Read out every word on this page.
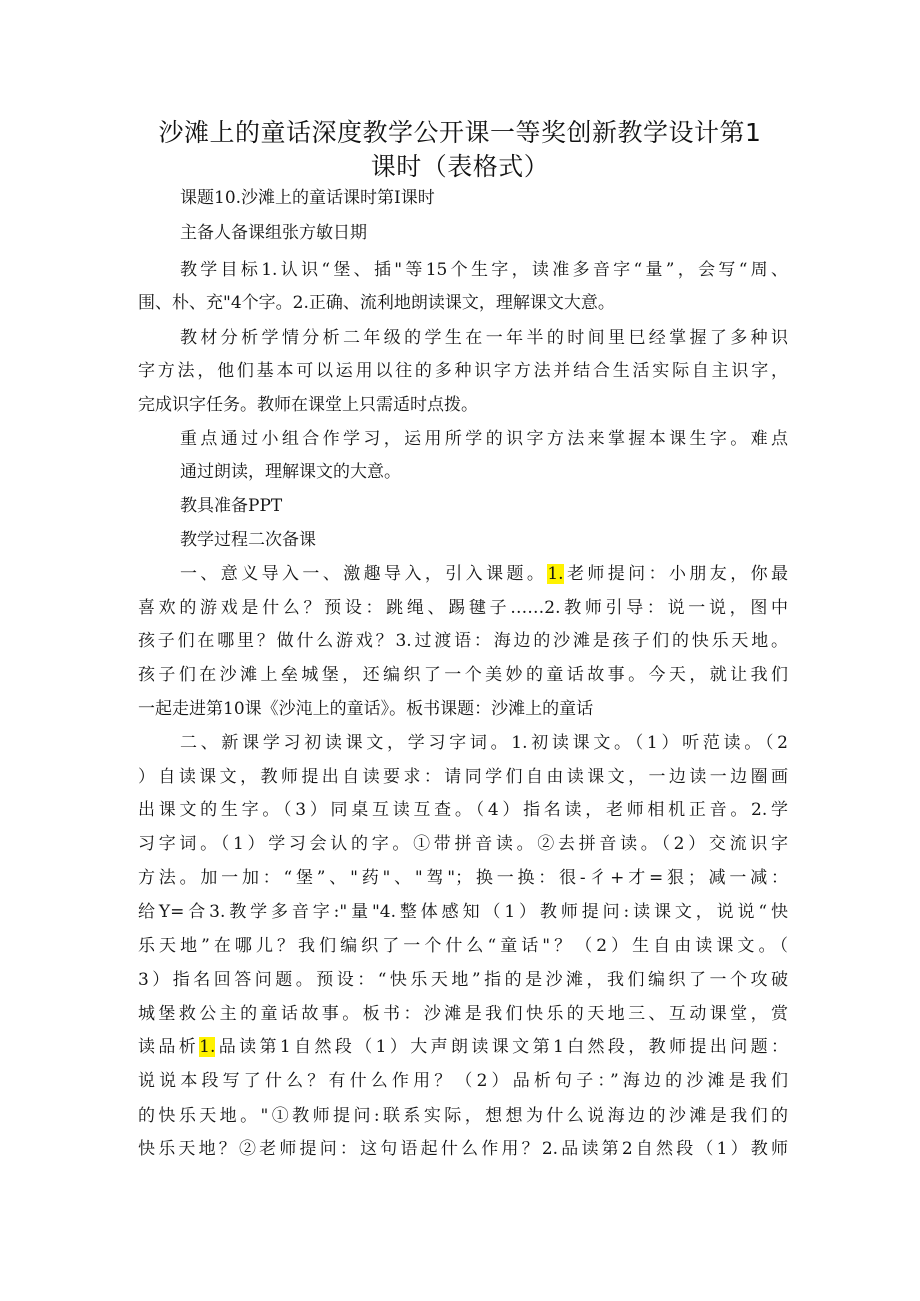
沙滩上的童话深度教学公开课一等奖创新教学设计第1
课时（表格式）
课题10.沙滩上的童话课时第I课时
主备人备课组张方敏日期
教学目标1.认识“堡、插"等15个生字，读准多音字“量”，会写“周、
围、朴、充"4个字。2.正确、流利地朗读课文，理解课文大意。
教材分析学情分析二年级的学生在一年半的时间里巳经掌握了多种识
字方法，他们基本可以运用以往的多种识字方法并结合生活实际自主识字，
完成识字任务。教师在课堂上只需适时点拨。
重点通过小组合作学习，运用所学的识字方法来掌握本课生字。难点
通过朗读，理解课文的大意。
教具准备PPT
教学过程二次备课
一、意义导入一、激趣导入，引入课题。1.老师提问：小朋友，你最
喜欢的游戏是什么？预设：跳绳、踢毽子……2.教师引导：说一说，图中
孩子们在哪里？做什么游戏？3.过渡语：海边的沙滩是孩子们的快乐天地。
孩子们在沙滩上垒城堡，还编织了一个美妙的童话故事。今天，就让我们
一起走进第10课《沙沌上的童话》。板书课题：沙滩上的童话
二、新课学习初读课文，学习字词。1.初读课文。（1）听范读。（2
）自读课文，教师提出自读要求：请同学们自由读课文，一边读一边圈画
出课文的生字。（3）同桌互读互查。（4）指名读，老师相机正音。2.学
习字词。（1）学习会认的字。①带拼音读。②去拼音读。（2）交流识字
方法。加一加：“堡”、"药"、"驾"；换一换：很-彳+才=狠；减一减：
给Y=合3.教学多音字:"量"4.整体感知（1）教师提问:读课文，说说“快
乐天地”在哪儿？我们编织了一个什么“童话"？（2）生自由读课文。（
3）指名回答问题。预设：“快乐天地”指的是沙滩，我们编织了一个攻破
城堡救公主的童话故事。板书：沙滩是我们快乐的天地三、互动课堂，赏
读品析1.品读第1自然段（1）大声朗读课文第1白然段，教师提出问题：
说说本段写了什么？有什么作用？（2）品析句子：”海边的沙滩是我们
的快乐天地。"①教师提问:联系实际，想想为什么说海边的沙滩是我们的
快乐天地？②老师提问：这句语起什么作用？2.品读第2自然段（1）教师
